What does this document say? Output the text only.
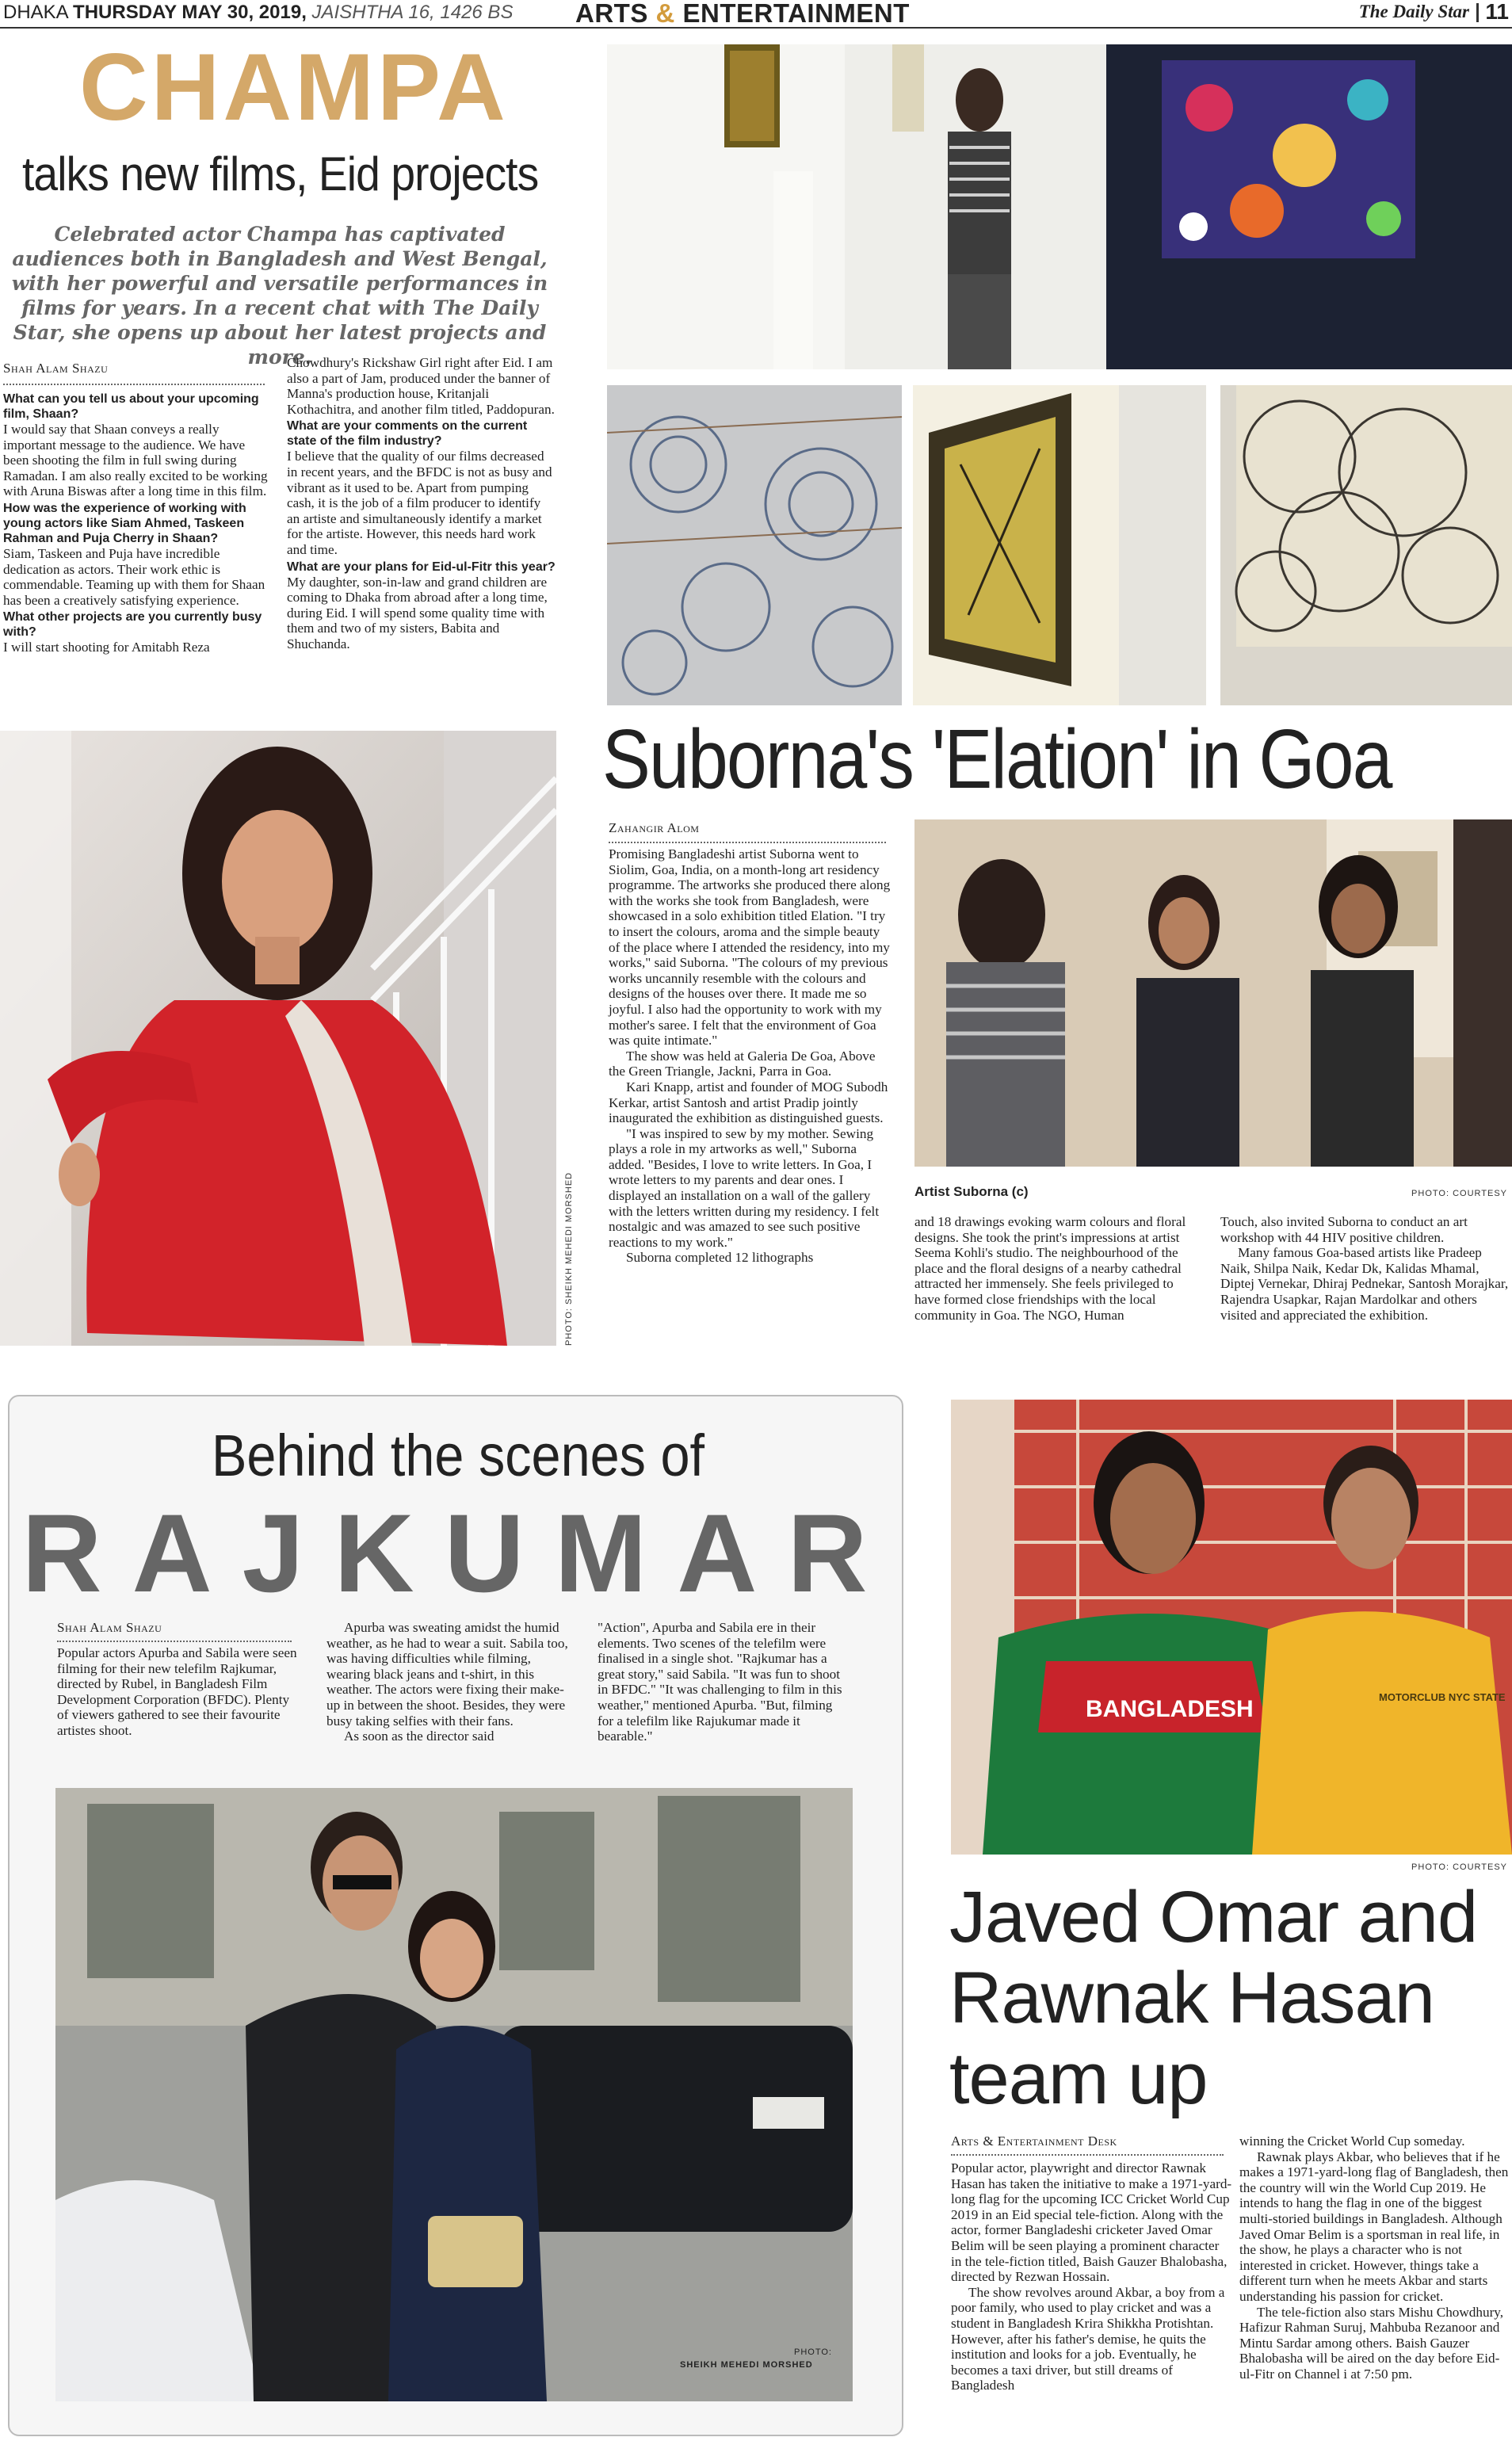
DHAKA THURSDAY MAY 30, 2019, JAISHTHA 16, 1426 BS ARTS & ENTERTAINMENT	The Daily Star 11
CHAMPA
talks new films, Eid projects
Celebrated actor Champa has captivated audiences both in Bangladesh and West Bengal, with her powerful and versatile performances in films for years. In a recent chat with The Daily Star, she opens up about her latest projects and more.
Shah Alam Shazu

What can you tell us about your upcoming film, Shaan?

I would say that Shaan conveys a really important message to the audience. We have been shooting the film in full swing during Ramadan. I am also really excited to be working with Aruna Biswas after a long time in this film.

How was the experience of working with young actors like Siam Ahmed, Taskeen Rahman and Puja Cherry in Shaan?

Siam, Taskeen and Puja have incredible dedication as actors. Their work ethic is commendable. Teaming up with them for Shaan has been a creatively satisfying experience.

What other projects are you currently busy with?

I will start shooting for Amitabh Reza

Chowdhury's Rickshaw Girl right after Eid. I am also a part of Jam, produced under the banner of Manna's production house, Kritanjali Kothachitra, and another film titled, Paddopuran.

What are your comments on the current state of the film industry?

I believe that the quality of our films decreased in recent years, and the BFDC is not as busy and vibrant as it used to be. Apart from pumping cash, it is the job of a film producer to identify an artiste and simultaneously identify a market for the artiste. However, this needs hard work and time.

What are your plans for Eid-ul-Fitr this year?

My daughter, son-in-law and grand children are coming to Dhaka from abroad after a long time, during Eid. I will spend some quality time with them and two of my sisters, Babita and Shuchanda.

PHOTO: SHEIKH MEHEDI MORSHED
Suborna's 'Elation' in Goa
Zahangir Alom

Promising Bangladeshi artist Suborna went to Siolim, Goa, India, on a month-long art residency programme. The artworks she produced there along with the works she took from Bangladesh, were showcased in a solo exhibition titled Elation. "I try to insert the colours, aroma and the simple beauty of the place where I attended the residency, into my works," said Suborna. "The colours of my previous works uncannily resemble with the colours and designs of the houses over there. It made me so joyful. I also had the opportunity to work with my mother's saree. I felt that the environment of Goa was quite intimate."

The show was held at Galeria De Goa, Above the Green Triangle, Jackni, Parra in Goa.

Kari Knapp, artist and founder of MOG Subodh Kerkar, artist Santosh and artist Pradip jointly inaugurated the exhibition as distinguished guests.

"I was inspired to sew by my mother. Sewing plays a role in my artworks as well," Suborna added. "Besides, I love to write letters. In Goa, I wrote letters to my parents and dear ones. I displayed an installation on a wall of the gallery with the letters written during my residency. I felt nostalgic and was amazed to see such positive reactions to my work."

Suborna completed 12 lithographs

Artist Suborna (c)	PHOTO: COURTESY

and 18 drawings evoking warm colours and floral designs. She took the print's impressions at artist Seema Kohli's studio. The neighbourhood of the place and the floral designs of a nearby cathedral attracted her immensely. She feels privileged to have formed close friendships with the local community in Goa. The NGO, Human

Touch, also invited Suborna to conduct an art workshop with 44 HIV positive children.

Many famous Goa-based artists like Pradeep Naik, Shilpa Naik, Kedar Dk, Kalidas Mhamal, Diptej Vernekar, Dhiraj Pednekar, Santosh Morajkar, Rajendra Usapkar, Rajan Mardolkar and others visited and appreciated the exhibition.

Behind the scenes of
RAJKUMAR
Shah Alam Shazu

Popular actors Apurba and Sabila were seen filming for their new telefilm Rajkumar, directed by Rubel, in Bangladesh Film Development Corporation (BFDC). Plenty of viewers gathered to see their favourite artistes shoot.

Apurba was sweating amidst the humid weather, as he had to wear a suit. Sabila too, was having difficulties while filming, wearing black jeans and t-shirt, in this weather. The actors were fixing their make-up in between the shoot. Besides, they were busy taking selfies with their fans.

As soon as the director said

"Action", Apurba and Sabila ere in their elements. Two scenes of the telefilm were finalised in a single shot. "Rajkumar has a great story," said Sabila. "It was fun to shoot in BFDC." "It was challenging to film in this weather," mentioned Apurba. "But, filming for a telefilm like Rajukumar made it bearable."

PHOTO:
SHEIKH MEHEDI MORSHED
BANGLADESH	MOTORCLUB NYC STATE
PHOTO: COURTESY
Javed Omar and Rawnak Hasan team up
Arts & Entertainment Desk

Popular actor, playwright and director Rawnak Hasan has taken the initiative to make a 1971-yard-long flag for the upcoming ICC Cricket World Cup 2019 in an Eid special tele-fiction. Along with the actor, former Bangladeshi cricketer Javed Omar Belim will be seen playing a prominent character in the tele-fiction titled, Baish Gauzer Bhalobasha, directed by Rezwan Hossain.

The show revolves around Akbar, a boy from a poor family, who used to play cricket and was a student in Bangladesh Krira Shikkha Protishtan. However, after his father's demise, he quits the institution and looks for a job. Eventually, he becomes a taxi driver, but still dreams of Bangladesh

winning the Cricket World Cup someday.

Rawnak plays Akbar, who believes that if he makes a 1971-yard-long flag of Bangladesh, then the country will win the World Cup 2019. He intends to hang the flag in one of the biggest multi-storied buildings in Bangladesh. Although Javed Omar Belim is a sportsman in real life, in the show, he plays a character who is not interested in cricket. However, things take a different turn when he meets Akbar and starts understanding his passion for cricket.

The tele-fiction also stars Mishu Chowdhury, Hafizur Rahman Suruj, Mahbuba Rezanoor and Mintu Sardar among others. Baish Gauzer Bhalobasha will be aired on the day before Eid-ul-Fitr on Channel i at 7:50 pm.
